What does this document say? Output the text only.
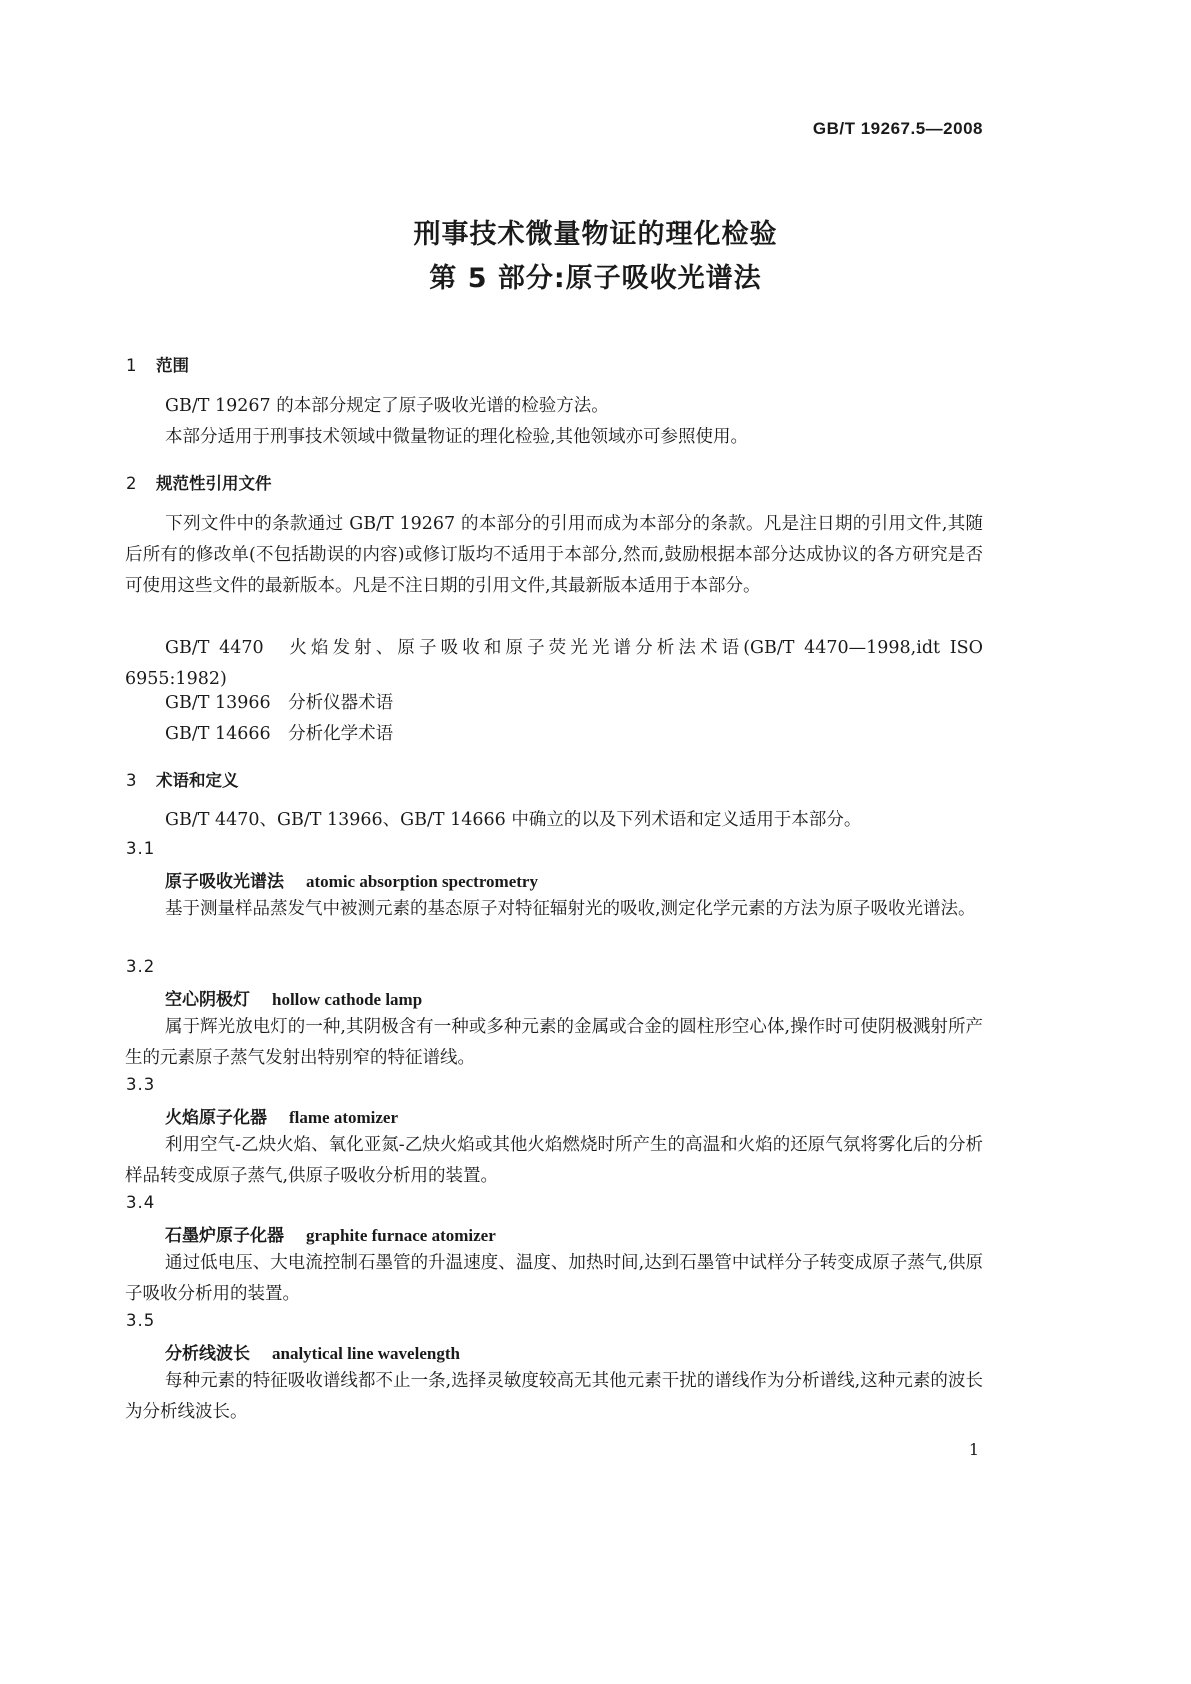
GB/T 19267.5—2008
刑事技术微量物证的理化检验
第 5 部分:原子吸收光谱法
1 范围
GB/T 19267 的本部分规定了原子吸收光谱的检验方法。
本部分适用于刑事技术领域中微量物证的理化检验,其他领域亦可参照使用。
2 规范性引用文件
下列文件中的条款通过 GB/T 19267 的本部分的引用而成为本部分的条款。凡是注日期的引用文件,其随后所有的修改单(不包括勘误的内容)或修订版均不适用于本部分,然而,鼓励根据本部分达成协议的各方研究是否可使用这些文件的最新版本。凡是不注日期的引用文件,其最新版本适用于本部分。
GB/T 4470　火焰发射、原子吸收和原子荧光光谱分析法术语(GB/T 4470—1998,idt ISO 6955:1982)
GB/T 13966　分析仪器术语
GB/T 14666　分析化学术语
3 术语和定义
GB/T 4470、GB/T 13966、GB/T 14666 中确立的以及下列术语和定义适用于本部分。
3.1
原子吸收光谱法 atomic absorption spectrometry
基于测量样品蒸发气中被测元素的基态原子对特征辐射光的吸收,测定化学元素的方法为原子吸收光谱法。
3.2
空心阴极灯 hollow cathode lamp
属于辉光放电灯的一种,其阴极含有一种或多种元素的金属或合金的圆柱形空心体,操作时可使阴极溅射所产生的元素原子蒸气发射出特别窄的特征谱线。
3.3
火焰原子化器 flame atomizer
利用空气-乙炔火焰、氧化亚氮-乙炔火焰或其他火焰燃烧时所产生的高温和火焰的还原气氛将雾化后的分析样品转变成原子蒸气,供原子吸收分析用的装置。
3.4
石墨炉原子化器 graphite furnace atomizer
通过低电压、大电流控制石墨管的升温速度、温度、加热时间,达到石墨管中试样分子转变成原子蒸气,供原子吸收分析用的装置。
3.5
分析线波长 analytical line wavelength
每种元素的特征吸收谱线都不止一条,选择灵敏度较高无其他元素干扰的谱线作为分析谱线,这种元素的波长为分析线波长。
1
